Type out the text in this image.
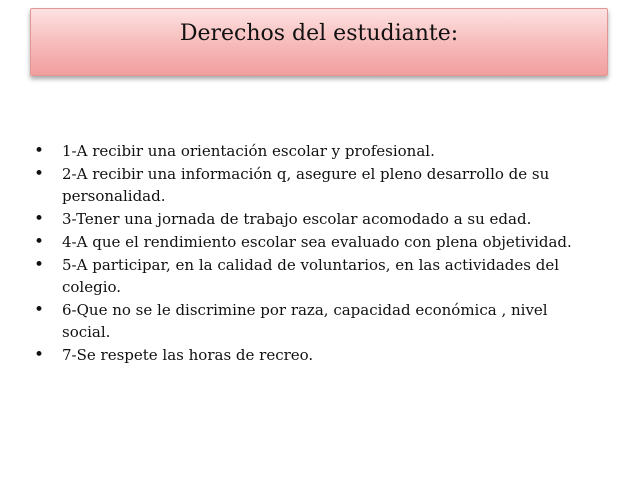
Derechos del estudiante:
• 1-A recibir una orientación escolar y profesional.
• 2-A recibir una información q, asegure el pleno desarrollo de su personalidad.
• 3-Tener una jornada de trabajo escolar acomodado a su edad.
• 4-A que el rendimiento escolar sea evaluado con plena objetividad.
• 5-A participar, en la calidad de voluntarios, en las actividades del colegio.
• 6-Que no se le discrimine por raza, capacidad económica , nivel social.
• 7-Se respete las horas de recreo.
